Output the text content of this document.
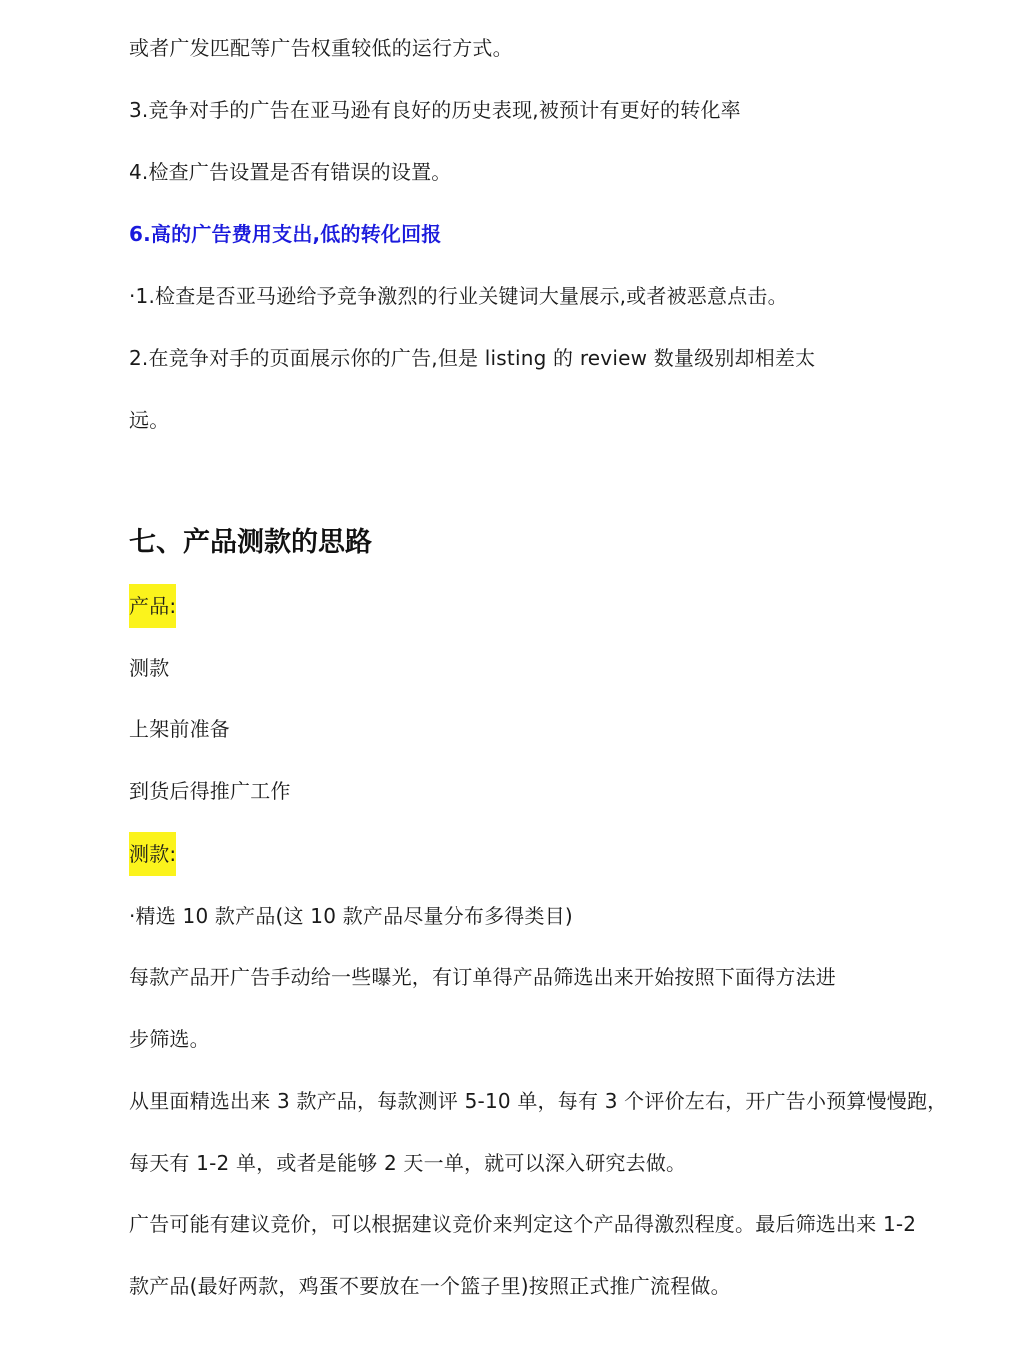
或者广发匹配等广告权重较低的运行方式。
3.竞争对手的广告在亚马逊有良好的历史表现,被预计有更好的转化率
4.检查广告设置是否有错误的设置。
6.高的广告费用支出,低的转化回报
·1.检查是否亚马逊给予竞争激烈的行业关键词大量展示,或者被恶意点击。
2.在竞争对手的页面展示你的广告,但是 listing 的 review 数量级别却相差太
远。
七、产品测款的思路
产品:
测款
上架前准备
到货后得推广工作
测款:
·精选 10 款产品(这 10 款产品尽量分布多得类目)
每款产品开广告手动给一些曝光，有订单得产品筛选出来开始按照下面得方法进
步筛选。
从里面精选出来 3 款产品，每款测评 5-10 单，每有 3 个评价左右，开广告小预算慢慢跑，
每天有 1-2 单，或者是能够 2 天一单，就可以深入研究去做。
广告可能有建议竞价，可以根据建议竞价来判定这个产品得激烈程度。最后筛选出来 1-2
款产品(最好两款，鸡蛋不要放在一个篮子里)按照正式推广流程做。
